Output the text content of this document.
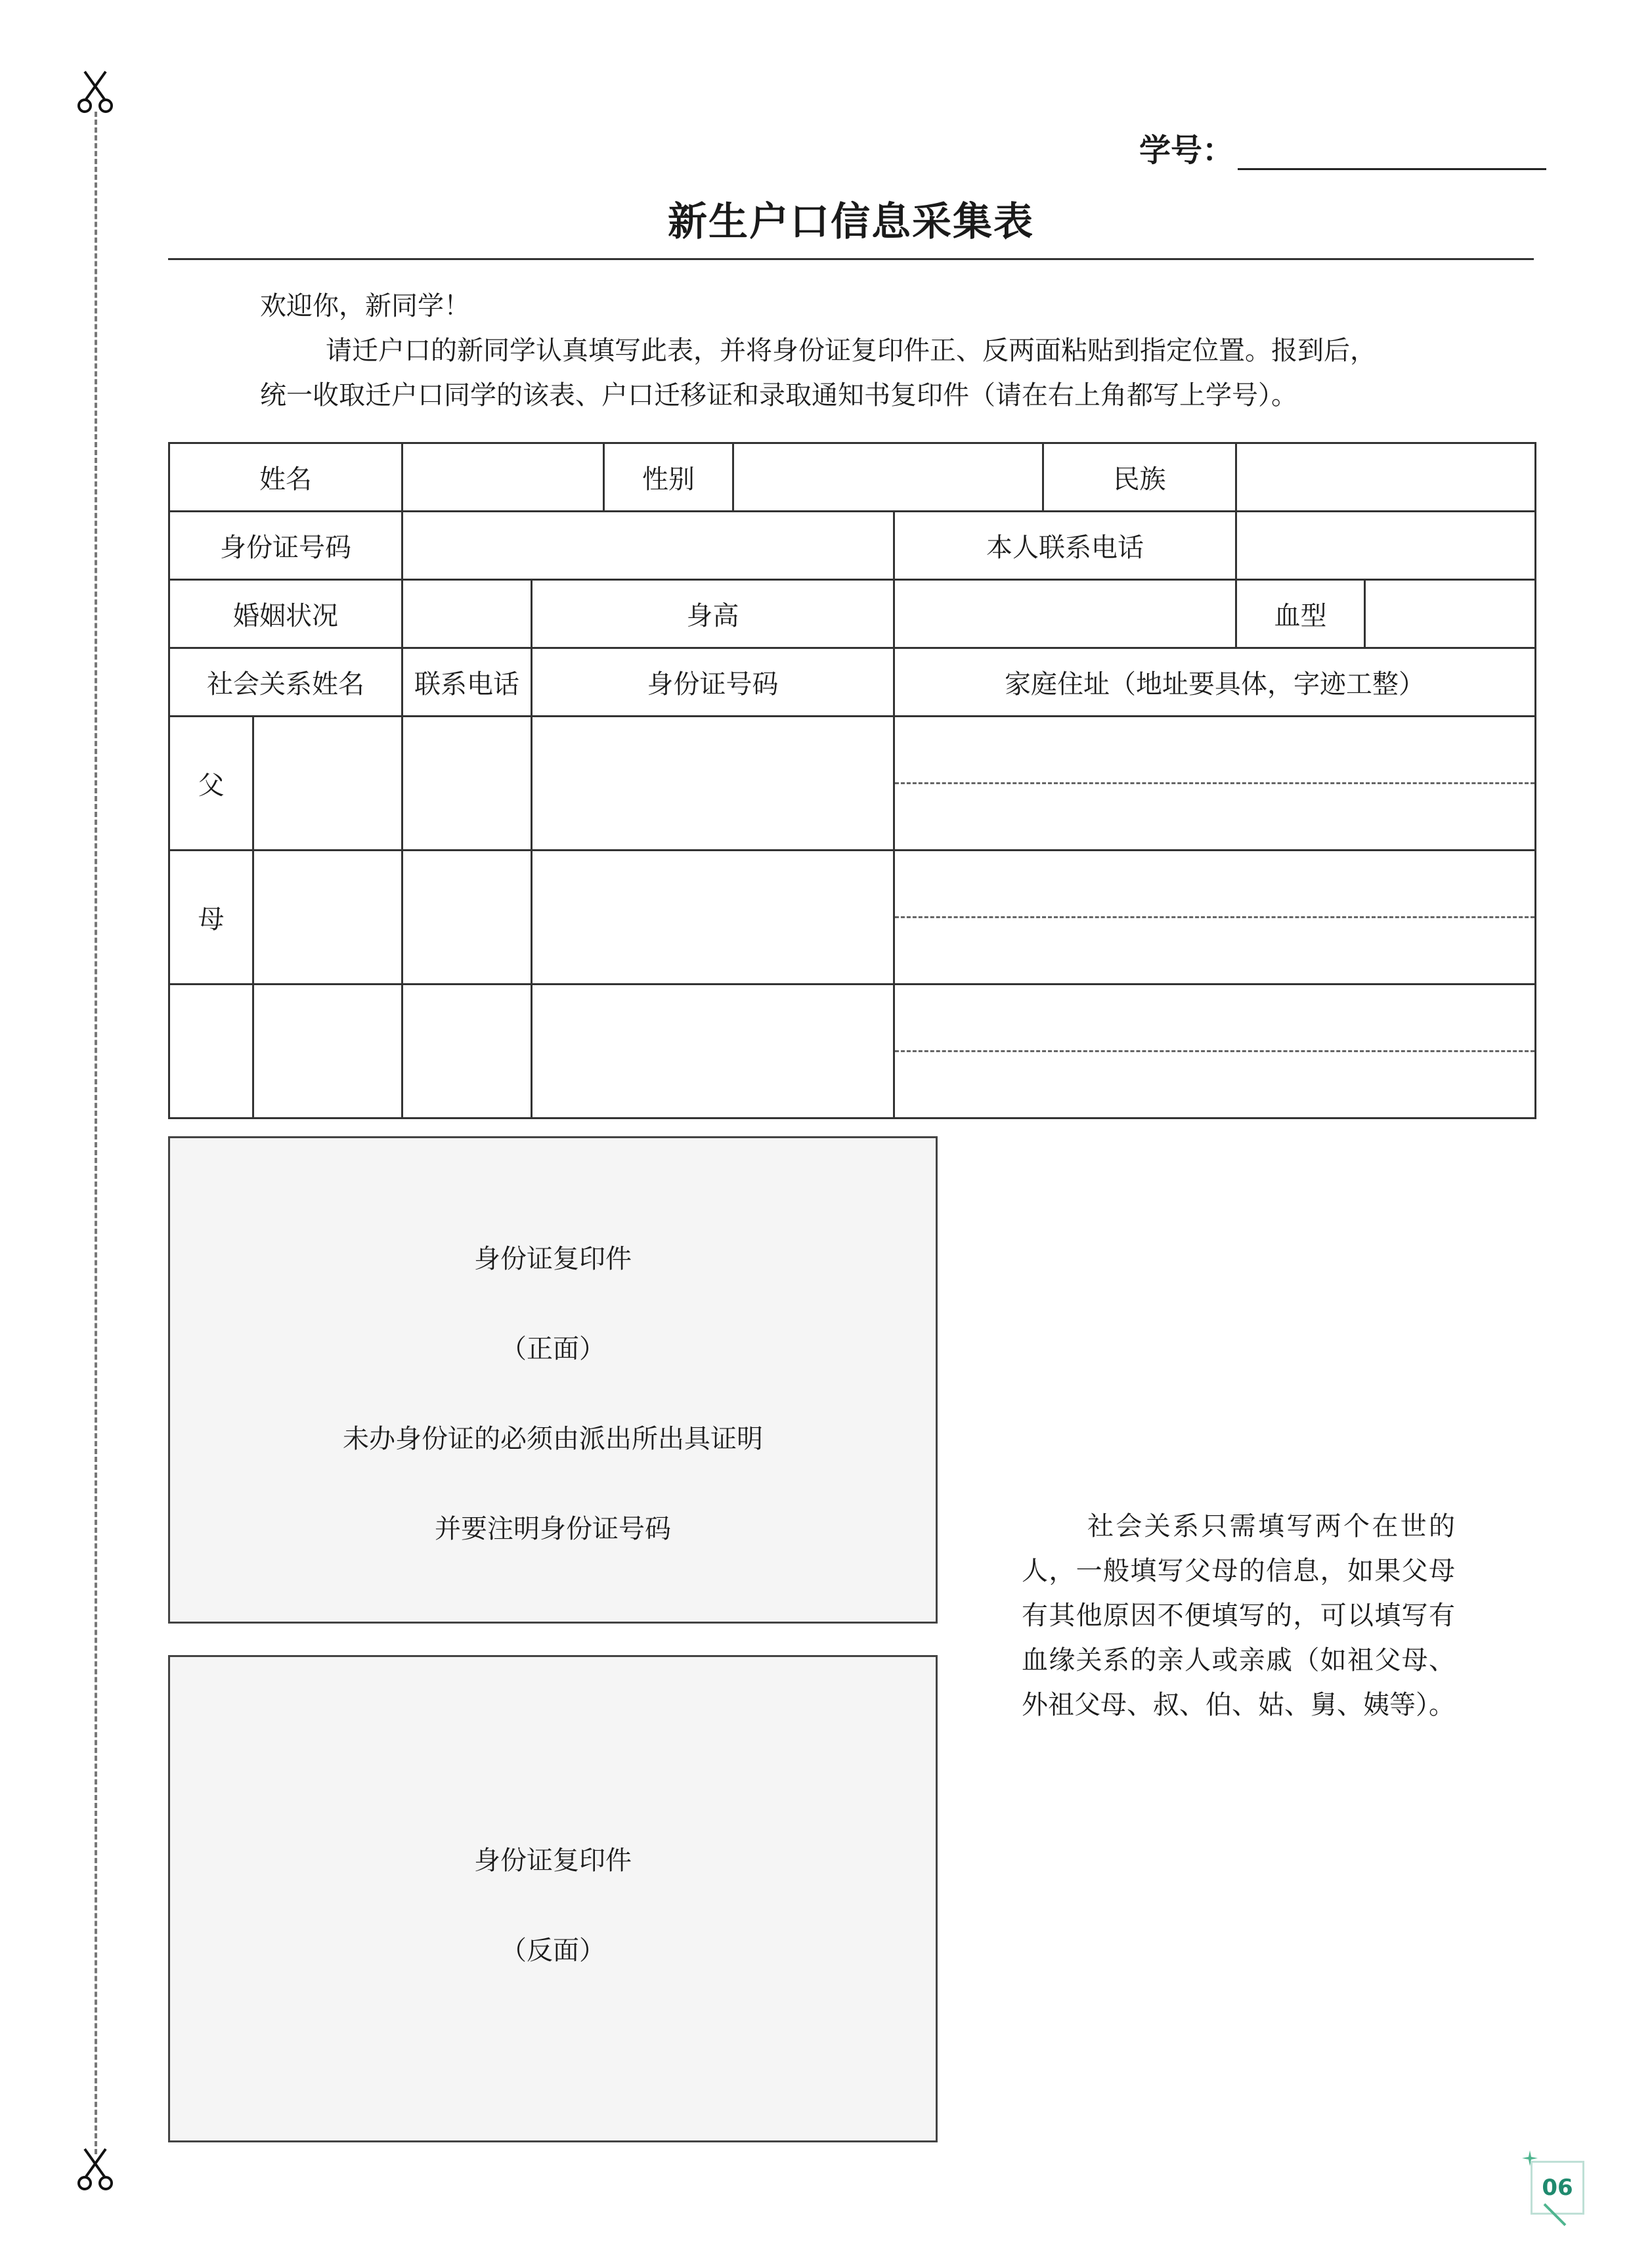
学号：
新生户口信息采集表

欢迎你，新同学！

请迁户口的新同学认真填写此表，并将身份证复印件正、反两面粘贴到指定位置。报到后，

统一收取迁户口同学的该表、户口迁移证和录取通知书复印件（请在右上角都写上学号）。

姓名				性别			民族		
身份证号码						本人联系电话			
婚姻状况			身高					血型	
社会关系姓名		联系电话	身份证号码			家庭住址（地址要具体，字迹工整）			
父									

母									

身份证复印件

（正面）

未办身份证的必须由派出所出具证明

并要注明身份证号码

身份证复印件

（反面）

社会关系只需填写两个在世的人，一般填写父母的信息，如果父母有其他原因不便填写的，可以填写有血缘关系的亲人或亲戚（如祖父母、外祖父母、叔、伯、姑、舅、姨等）。

06
